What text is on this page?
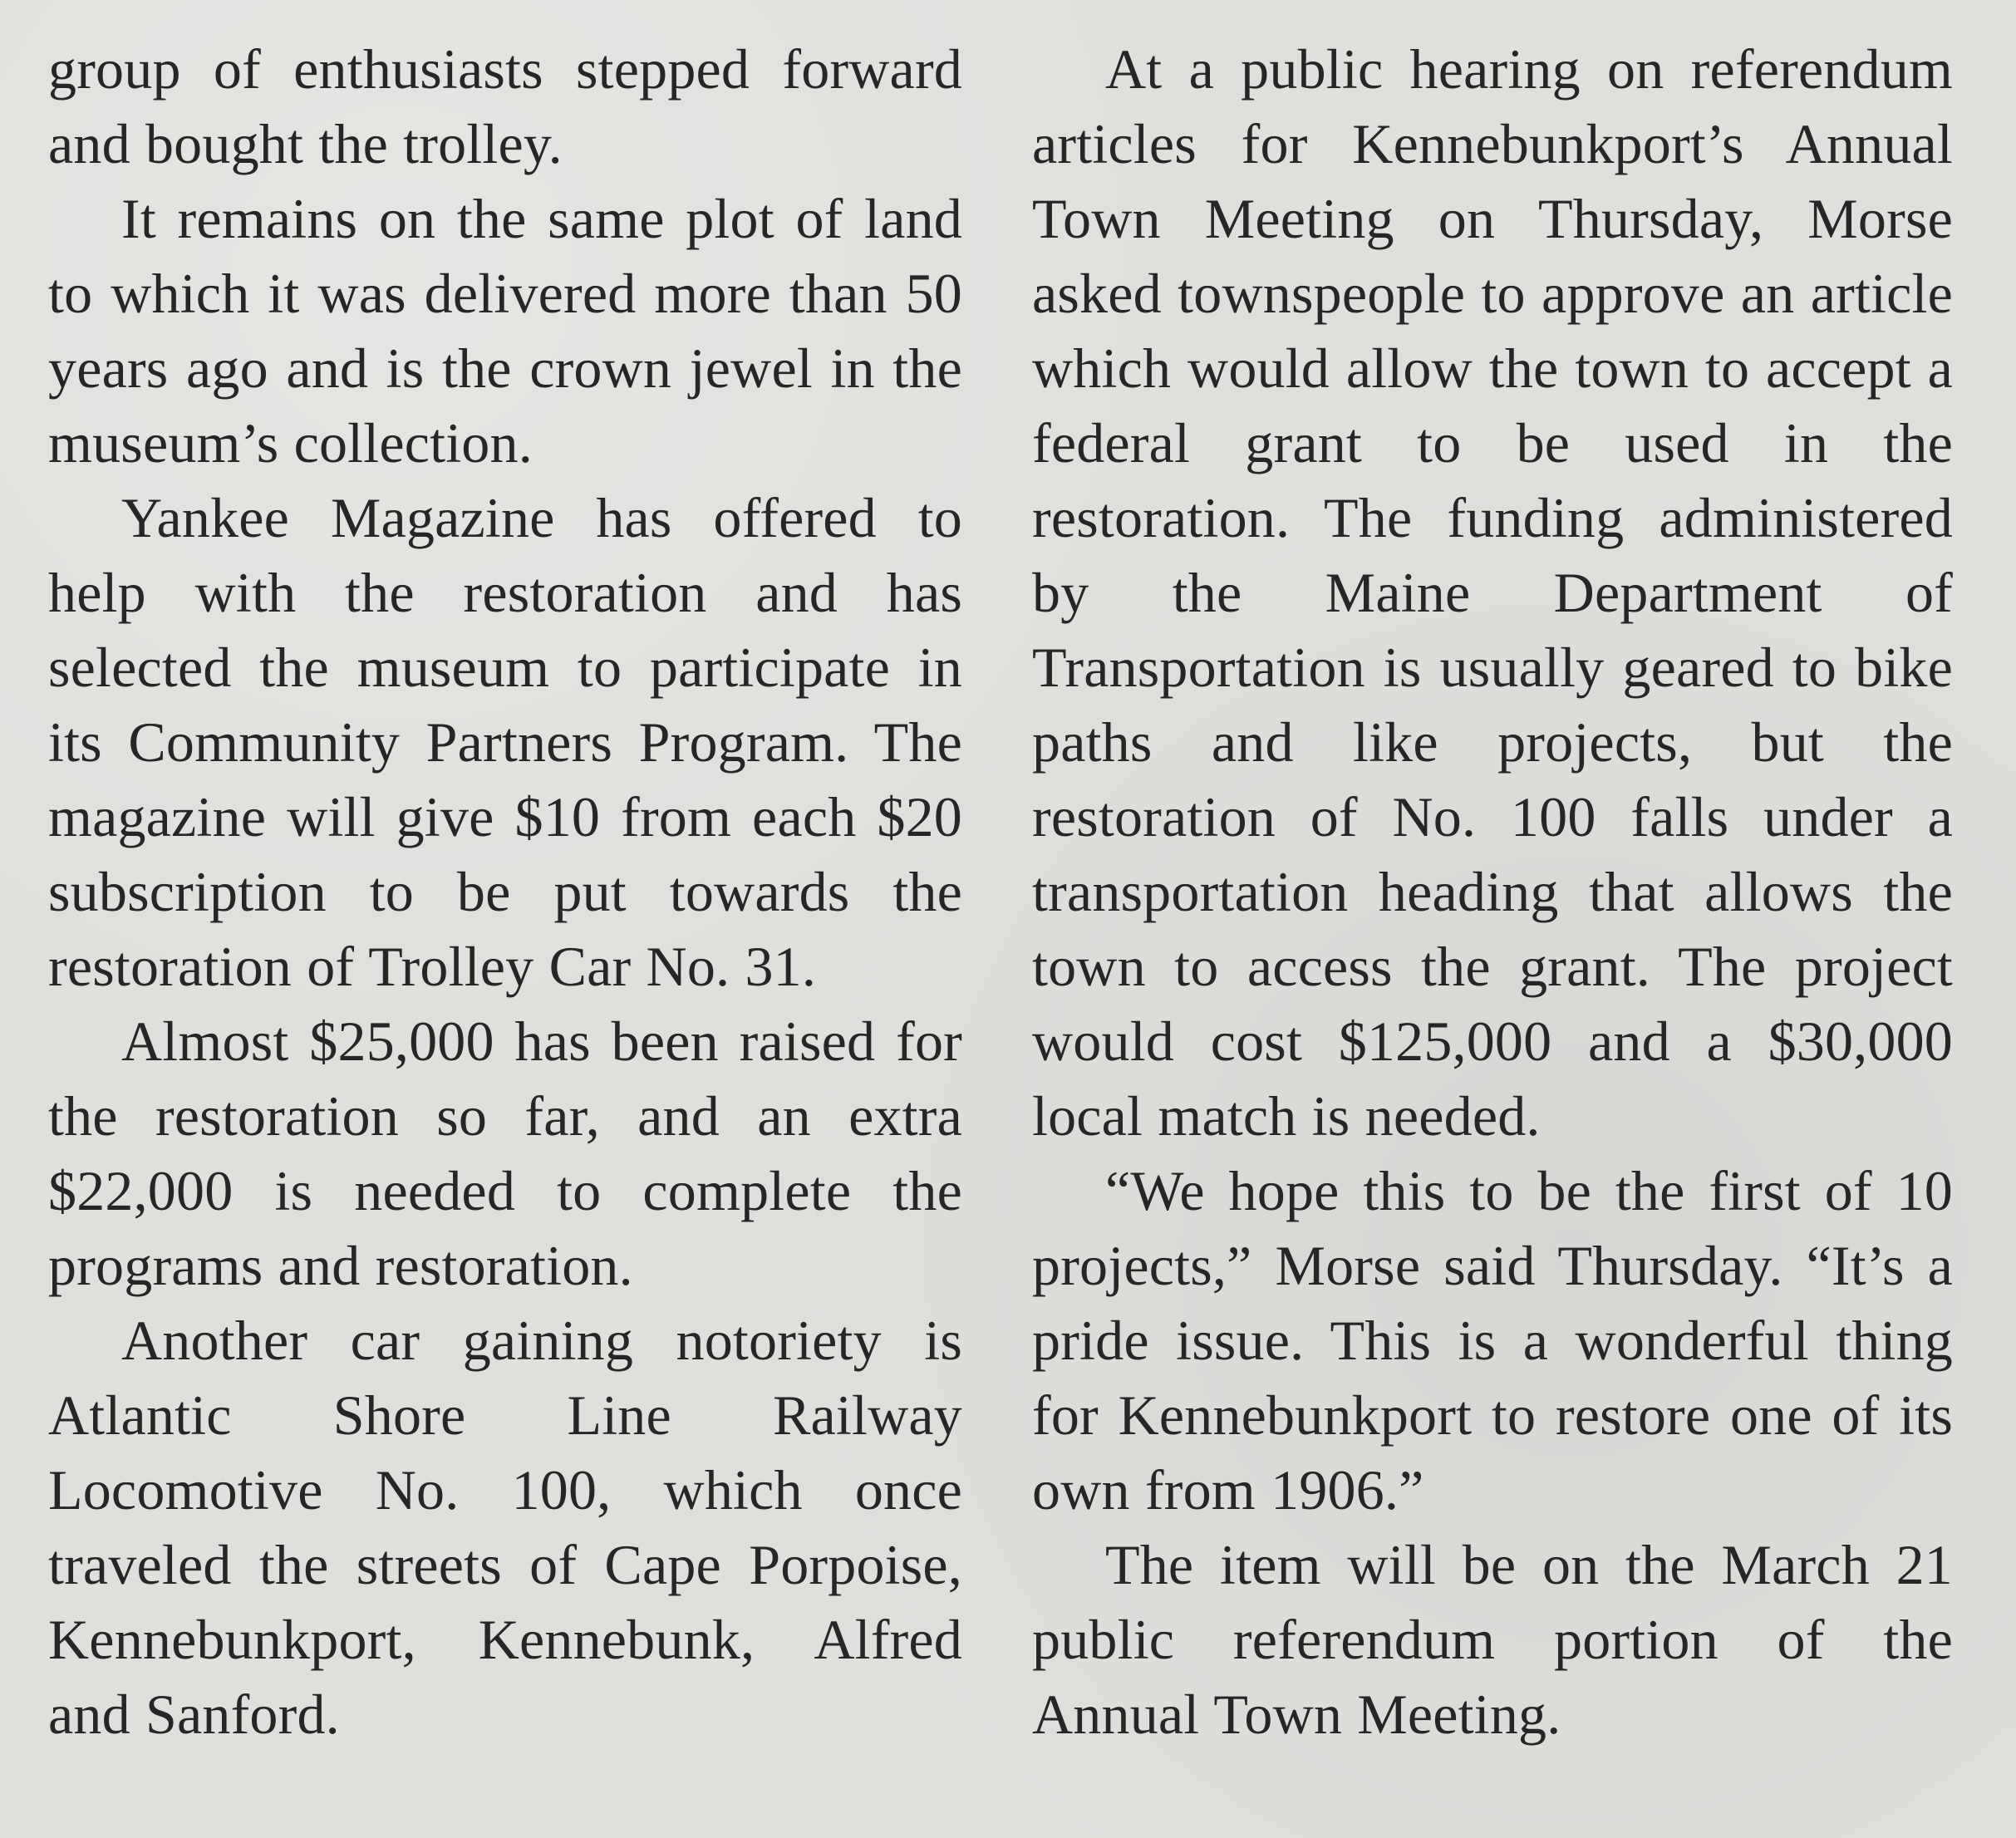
group of enthusiasts stepped forward and bought the trolley.

It remains on the same plot of land to which it was delivered more than 50 years ago and is the crown jewel in the museum’s collection.

Yankee Magazine has offered to help with the restoration and has selected the museum to participate in its Community Partners Program. The magazine will give $10 from each $20 subscription to be put towards the restoration of Trolley Car No. 31.

Almost $25,000 has been raised for the restoration so far, and an extra $22,000 is needed to complete the programs and restoration.

Another car gaining notoriety is Atlantic Shore Line Railway Locomotive No. 100, which once traveled the streets of Cape Porpoise, Kennebunkport, Kennebunk, Alfred and Sanford.

At a public hearing on referendum articles for Kennebunkport’s Annual Town Meeting on Thursday, Morse asked townspeople to approve an article which would allow the town to accept a federal grant to be used in the restoration. The funding administered by the Maine Department of Transportation is usually geared to bike paths and like projects, but the restoration of No. 100 falls under a transportation heading that allows the town to access the grant. The project would cost $125,000 and a $30,000 local match is needed.

“We hope this to be the first of 10 projects,” Morse said Thursday. “It’s a pride issue. This is a wonderful thing for Kennebunkport to restore one of its own from 1906.”

The item will be on the March 21 public referendum portion of the Annual Town Meeting.
